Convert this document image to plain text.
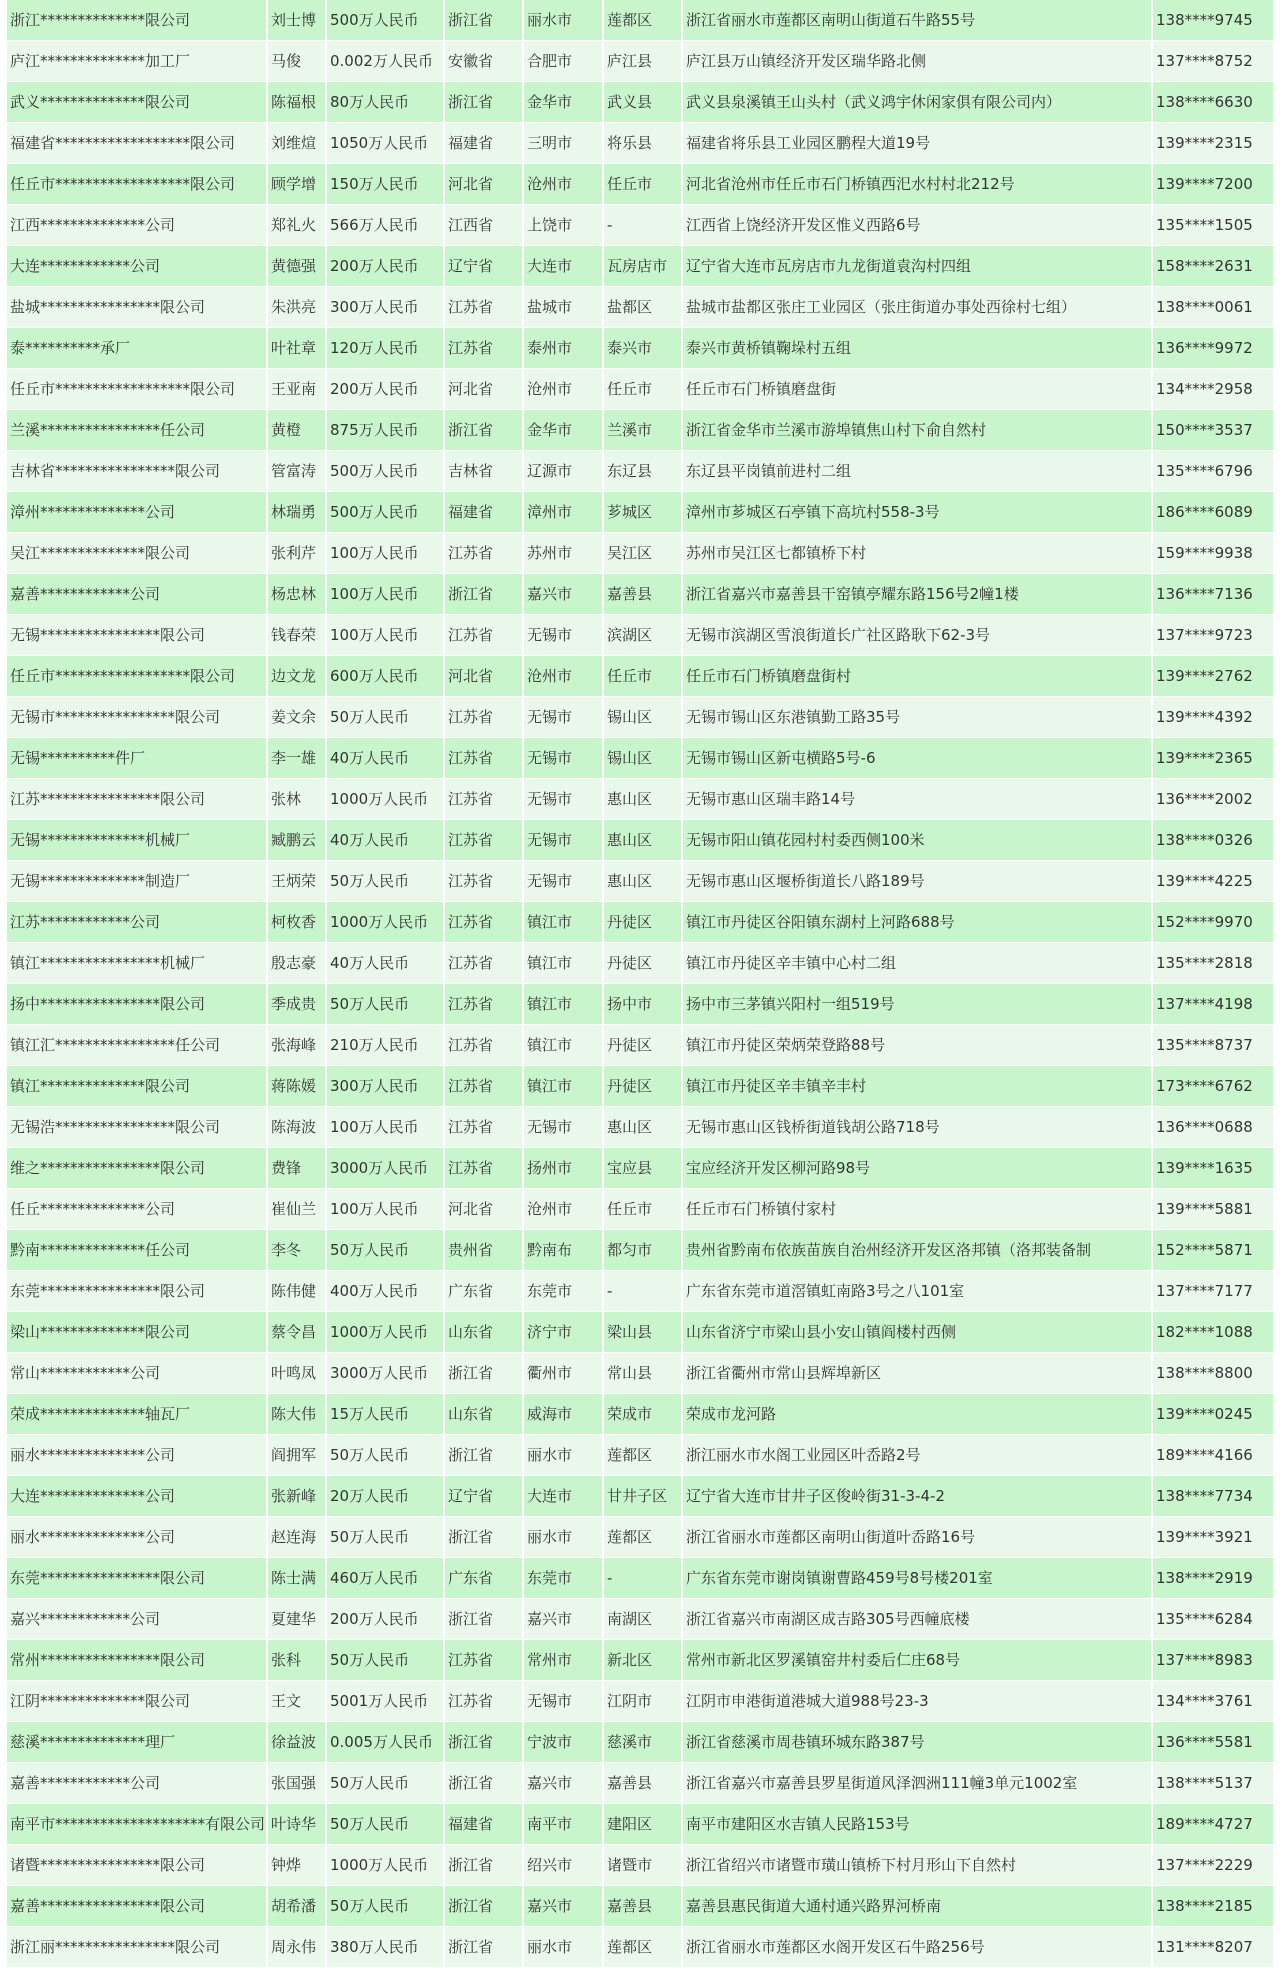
浙江**************限公司	刘士博	500万人民币	浙江省	丽水市	莲都区	浙江省丽水市莲都区南明山街道石牛路55号	138****9745
庐江**************加工厂	马俊	0.002万人民币	安徽省	合肥市	庐江县	庐江县万山镇经济开发区瑞华路北侧	137****8752
武义**************限公司	陈福根	80万人民币	浙江省	金华市	武义县	武义县泉溪镇王山头村（武义鸿宇休闲家俱有限公司内）	138****6630
福建省******************限公司	刘维煊	1050万人民币	福建省	三明市	将乐县	福建省将乐县工业园区鹏程大道19号	139****2315
任丘市******************限公司	顾学增	150万人民币	河北省	沧州市	任丘市	河北省沧州市任丘市石门桥镇西汜水村村北212号	139****7200
江西**************公司	郑礼火	566万人民币	江西省	上饶市	-	江西省上饶经济开发区惟义西路6号	135****1505
大连************公司	黄德强	200万人民币	辽宁省	大连市	瓦房店市	辽宁省大连市瓦房店市九龙街道袁沟村四组	158****2631
盐城****************限公司	朱洪亮	300万人民币	江苏省	盐城市	盐都区	盐城市盐都区张庄工业园区（张庄街道办事处西徐村七组）	138****0061
泰**********承厂	叶社章	120万人民币	江苏省	泰州市	泰兴市	泰兴市黄桥镇鞠垛村五组	136****9972
任丘市******************限公司	王亚南	200万人民币	河北省	沧州市	任丘市	任丘市石门桥镇磨盘街	134****2958
兰溪****************任公司	黄橙	875万人民币	浙江省	金华市	兰溪市	浙江省金华市兰溪市游埠镇焦山村下俞自然村	150****3537
吉林省****************限公司	管富涛	500万人民币	吉林省	辽源市	东辽县	东辽县平岗镇前进村二组	135****6796
漳州**************公司	林瑞勇	500万人民币	福建省	漳州市	芗城区	漳州市芗城区石亭镇下高坑村558-3号	186****6089
吴江**************限公司	张利芹	100万人民币	江苏省	苏州市	吴江区	苏州市吴江区七都镇桥下村	159****9938
嘉善************公司	杨忠林	100万人民币	浙江省	嘉兴市	嘉善县	浙江省嘉兴市嘉善县干窑镇亭耀东路156号2幢1楼	136****7136
无锡****************限公司	钱春荣	100万人民币	江苏省	无锡市	滨湖区	无锡市滨湖区雪浪街道长广社区路耿下62-3号	137****9723
任丘市******************限公司	边文龙	600万人民币	河北省	沧州市	任丘市	任丘市石门桥镇磨盘街村	139****2762
无锡市****************限公司	姜文余	50万人民币	江苏省	无锡市	锡山区	无锡市锡山区东港镇勤工路35号	139****4392
无锡**********件厂	李一雄	40万人民币	江苏省	无锡市	锡山区	无锡市锡山区新屯横路5号-6	139****2365
江苏****************限公司	张林	1000万人民币	江苏省	无锡市	惠山区	无锡市惠山区瑞丰路14号	136****2002
无锡**************机械厂	臧鹏云	40万人民币	江苏省	无锡市	惠山区	无锡市阳山镇花园村村委西侧100米	138****0326
无锡**************制造厂	王炳荣	50万人民币	江苏省	无锡市	惠山区	无锡市惠山区堰桥街道长八路189号	139****4225
江苏************公司	柯枚香	1000万人民币	江苏省	镇江市	丹徒区	镇江市丹徒区谷阳镇东湖村上河路688号	152****9970
镇江****************机械厂	殷志豪	40万人民币	江苏省	镇江市	丹徒区	镇江市丹徒区辛丰镇中心村二组	135****2818
扬中****************限公司	季成贵	50万人民币	江苏省	镇江市	扬中市	扬中市三茅镇兴阳村一组519号	137****4198
镇江汇****************任公司	张海峰	210万人民币	江苏省	镇江市	丹徒区	镇江市丹徒区荣炳荣登路88号	135****8737
镇江**************限公司	蒋陈媛	300万人民币	江苏省	镇江市	丹徒区	镇江市丹徒区辛丰镇辛丰村	173****6762
无锡浩****************限公司	陈海波	100万人民币	江苏省	无锡市	惠山区	无锡市惠山区钱桥街道钱胡公路718号	136****0688
维之****************限公司	费锋	3000万人民币	江苏省	扬州市	宝应县	宝应经济开发区柳河路98号	139****1635
任丘**************公司	崔仙兰	100万人民币	河北省	沧州市	任丘市	任丘市石门桥镇付家村	139****5881
黔南**************任公司	李冬	50万人民币	贵州省	黔南布	都匀市	贵州省黔南布依族苗族自治州经济开发区洛邦镇（洛邦装备制	152****5871
东莞****************限公司	陈伟健	400万人民币	广东省	东莞市	-	广东省东莞市道滘镇虹南路3号之八101室	137****7177
梁山**************限公司	蔡令昌	1000万人民币	山东省	济宁市	梁山县	山东省济宁市梁山县小安山镇阎楼村西侧	182****1088
常山************公司	叶鸣凤	3000万人民币	浙江省	衢州市	常山县	浙江省衢州市常山县辉埠新区	138****8800
荣成**************轴瓦厂	陈大伟	15万人民币	山东省	威海市	荣成市	荣成市龙河路	139****0245
丽水**************公司	阎拥军	50万人民币	浙江省	丽水市	莲都区	浙江丽水市水阁工业园区叶岙路2号	189****4166
大连**************公司	张新峰	20万人民币	辽宁省	大连市	甘井子区	辽宁省大连市甘井子区俊岭街31-3-4-2	138****7734
丽水**************公司	赵连海	50万人民币	浙江省	丽水市	莲都区	浙江省丽水市莲都区南明山街道叶岙路16号	139****3921
东莞****************限公司	陈士满	460万人民币	广东省	东莞市	-	广东省东莞市谢岗镇谢曹路459号8号楼201室	138****2919
嘉兴************公司	夏建华	200万人民币	浙江省	嘉兴市	南湖区	浙江省嘉兴市南湖区成吉路305号西幢底楼	135****6284
常州****************限公司	张科	50万人民币	江苏省	常州市	新北区	常州市新北区罗溪镇窑井村委后仁庄68号	137****8983
江阴**************限公司	王文	5001万人民币	江苏省	无锡市	江阴市	江阴市申港街道港城大道988号23-3	134****3761
慈溪**************理厂	徐益波	0.005万人民币	浙江省	宁波市	慈溪市	浙江省慈溪市周巷镇环城东路387号	136****5581
嘉善************公司	张国强	50万人民币	浙江省	嘉兴市	嘉善县	浙江省嘉兴市嘉善县罗星街道风泽泗洲111幢3单元1002室	138****5137
南平市********************有限公司	叶诗华	50万人民币	福建省	南平市	建阳区	南平市建阳区水吉镇人民路153号	189****4727
诸暨****************限公司	钟烨	1000万人民币	浙江省	绍兴市	诸暨市	浙江省绍兴市诸暨市璜山镇桥下村月形山下自然村	137****2229
嘉善****************限公司	胡希潘	50万人民币	浙江省	嘉兴市	嘉善县	嘉善县惠民街道大通村通兴路界河桥南	138****2185
浙江丽****************限公司	周永伟	380万人民币	浙江省	丽水市	莲都区	浙江省丽水市莲都区水阁开发区石牛路256号	131****8207
